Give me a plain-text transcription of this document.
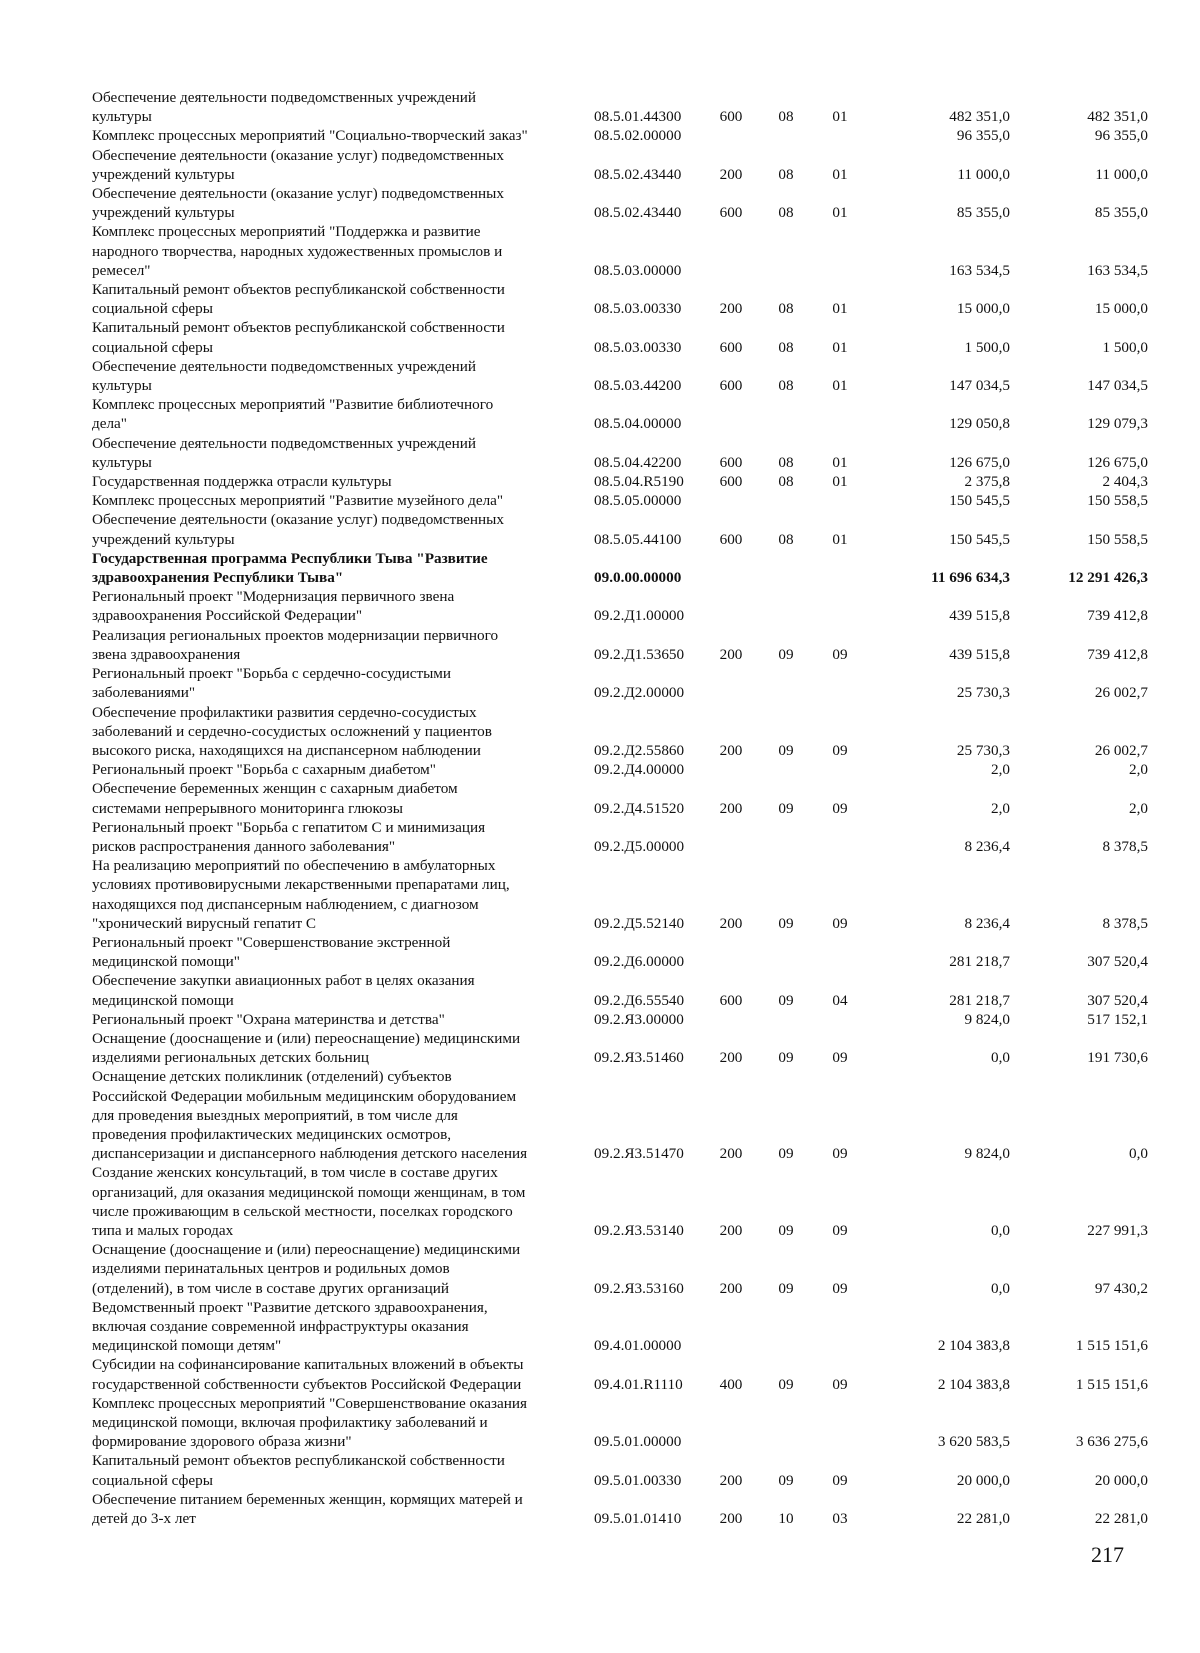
Обеспечение деятельности подведомственных учреждений
культуры	08.5.01.44300	600	08	01	482 351,0	482 351,0
Комплекс процессных мероприятий "Социально-творческий заказ"	08.5.02.00000				96 355,0	96 355,0
Обеспечение деятельности (оказание услуг) подведомственных
учреждений культуры	08.5.02.43440	200	08	01	11 000,0	11 000,0
Обеспечение деятельности (оказание услуг) подведомственных
учреждений культуры	08.5.02.43440	600	08	01	85 355,0	85 355,0
Комплекс процессных мероприятий "Поддержка и развитие
народного творчества, народных художественных промыслов и
ремесел"	08.5.03.00000				163 534,5	163 534,5
Капитальный ремонт объектов республиканской собственности
социальной сферы	08.5.03.00330	200	08	01	15 000,0	15 000,0
Капитальный ремонт объектов республиканской собственности
социальной сферы	08.5.03.00330	600	08	01	1 500,0	1 500,0
Обеспечение деятельности подведомственных учреждений
культуры	08.5.03.44200	600	08	01	147 034,5	147 034,5
Комплекс процессных мероприятий "Развитие библиотечного
дела"	08.5.04.00000				129 050,8	129 079,3
Обеспечение деятельности подведомственных учреждений
культуры	08.5.04.42200	600	08	01	126 675,0	126 675,0
Государственная поддержка отрасли культуры	08.5.04.R5190	600	08	01	2 375,8	2 404,3
Комплекс процессных мероприятий "Развитие музейного дела"	08.5.05.00000				150 545,5	150 558,5
Обеспечение деятельности (оказание услуг) подведомственных
учреждений культуры	08.5.05.44100	600	08	01	150 545,5	150 558,5
Государственная программа Республики Тыва "Развитие
здравоохранения Республики Тыва"	09.0.00.00000				11 696 634,3	12 291 426,3
Региональный проект "Модернизация первичного звена
здравоохранения Российской Федерации"	09.2.Д1.00000				439 515,8	739 412,8
Реализация региональных проектов модернизации первичного
звена здравоохранения	09.2.Д1.53650	200	09	09	439 515,8	739 412,8
Региональный проект "Борьба с сердечно-сосудистыми
заболеваниями"	09.2.Д2.00000				25 730,3	26 002,7
Обеспечение профилактики развития сердечно-сосудистых
заболеваний и сердечно-сосудистых осложнений у пациентов
высокого риска, находящихся на диспансерном наблюдении	09.2.Д2.55860	200	09	09	25 730,3	26 002,7
Региональный проект "Борьба с сахарным диабетом"	09.2.Д4.00000				2,0	2,0
Обеспечение беременных женщин с сахарным диабетом
системами непрерывного мониторинга глюкозы	09.2.Д4.51520	200	09	09	2,0	2,0
Региональный проект "Борьба с гепатитом С и минимизация
рисков распространения данного заболевания"	09.2.Д5.00000				8 236,4	8 378,5
На реализацию мероприятий по обеспечению в амбулаторных
условиях противовирусными лекарственными препаратами лиц,
находящихся под диспансерным наблюдением, с диагнозом
"хронический вирусный гепатит С	09.2.Д5.52140	200	09	09	8 236,4	8 378,5
Региональный проект "Совершенствование экстренной
медицинской помощи"	09.2.Д6.00000				281 218,7	307 520,4
Обеспечение закупки авиационных работ в целях оказания
медицинской помощи	09.2.Д6.55540	600	09	04	281 218,7	307 520,4
Региональный проект "Охрана материнства и детства"	09.2.Я3.00000				9 824,0	517 152,1
Оснащение (дооснащение и (или) переоснащение) медицинскими
изделиями региональных детских больниц	09.2.Я3.51460	200	09	09	0,0	191 730,6
Оснащение детских поликлиник (отделений) субъектов
Российской Федерации мобильным медицинским оборудованием
для проведения выездных мероприятий, в том числе для
проведения профилактических медицинских осмотров,
диспансеризации и диспансерного наблюдения детского населения	09.2.Я3.51470	200	09	09	9 824,0	0,0
Создание женских консультаций, в том числе в составе других
организаций, для оказания медицинской помощи женщинам, в том
числе проживающим в сельской местности, поселках городского
типа и малых городах	09.2.Я3.53140	200	09	09	0,0	227 991,3
Оснащение (дооснащение и (или) переоснащение) медицинскими
изделиями перинатальных центров и родильных домов
(отделений), в том числе в составе других организаций	09.2.Я3.53160	200	09	09	0,0	97 430,2
Ведомственный проект "Развитие детского здравоохранения,
включая создание современной инфраструктуры оказания
медицинской помощи детям"	09.4.01.00000				2 104 383,8	1 515 151,6
Субсидии на софинансирование капитальных вложений в объекты
государственной собственности субъектов Российской Федерации	09.4.01.R1110	400	09	09	2 104 383,8	1 515 151,6
Комплекс процессных мероприятий "Совершенствование оказания
медицинской помощи, включая профилактику заболеваний и
формирование здорового образа жизни"	09.5.01.00000				3 620 583,5	3 636 275,6
Капитальный ремонт объектов республиканской собственности
социальной сферы	09.5.01.00330	200	09	09	20 000,0	20 000,0
Обеспечение питанием беременных женщин, кормящих матерей и
детей до 3-х лет	09.5.01.01410	200	10	03	22 281,0	22 281,0
217
